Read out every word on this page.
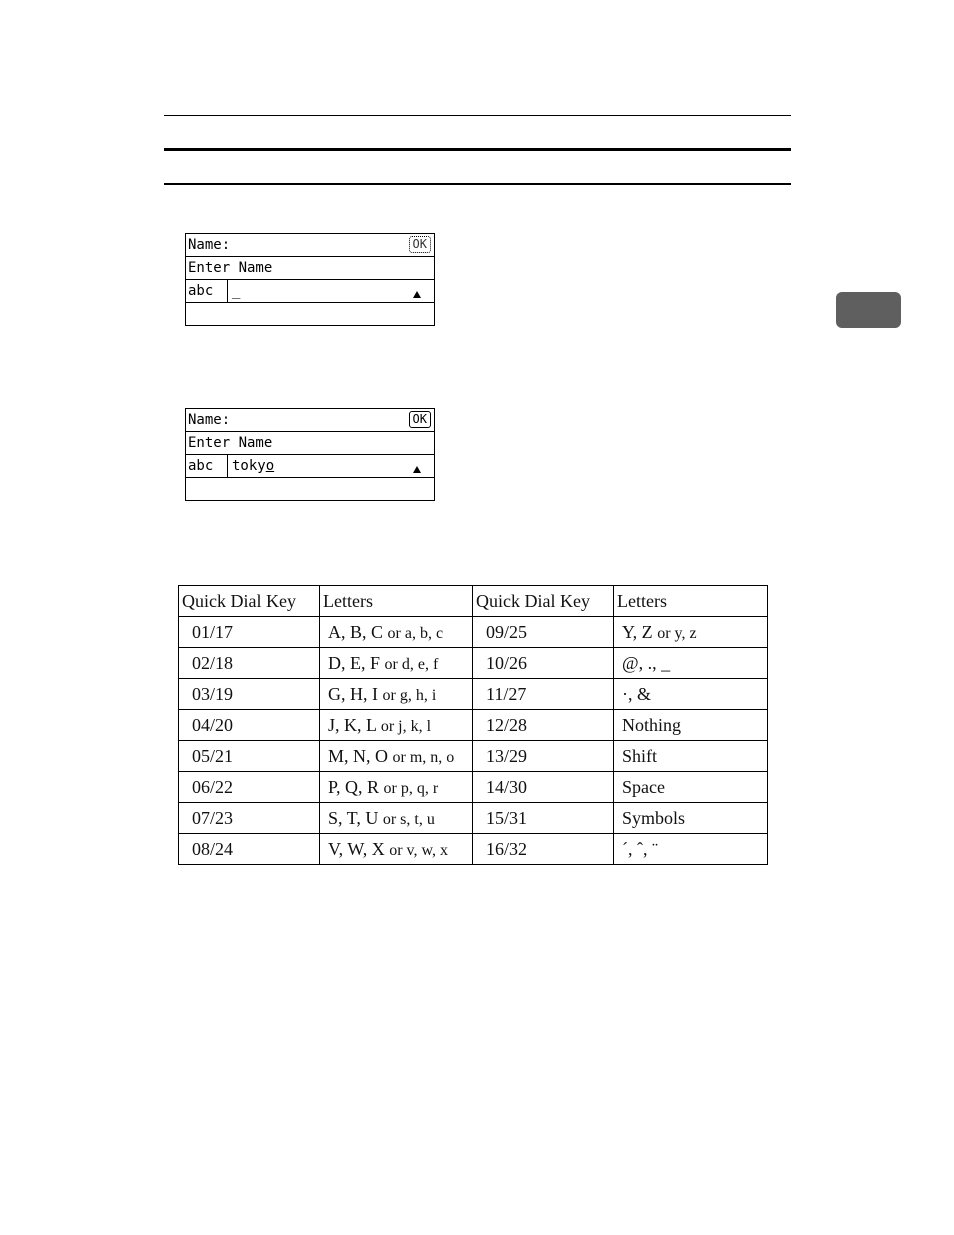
Name:	OK
Enter Name
abc _
Name:	OK
Enter Name
abc tokyo
Quick Dial Key	Letters	Quick Dial Key	Letters
01/17	A, B, C or a, b, c	09/25	Y, Z or y, z
02/18	D, E, F or d, e, f	10/26	@, ., _
03/19	G, H, I or g, h, i	11/27	·, &
04/20	J, K, L or j, k, l	12/28	Nothing
05/21	M, N, O or m, n, o	13/29	Shift
06/22	P, Q, R or p, q, r	14/30	Space
07/23	S, T, U or s, t, u	15/31	Symbols
08/24	V, W, X or v, w, x	16/32	´, ˆ, ¨
